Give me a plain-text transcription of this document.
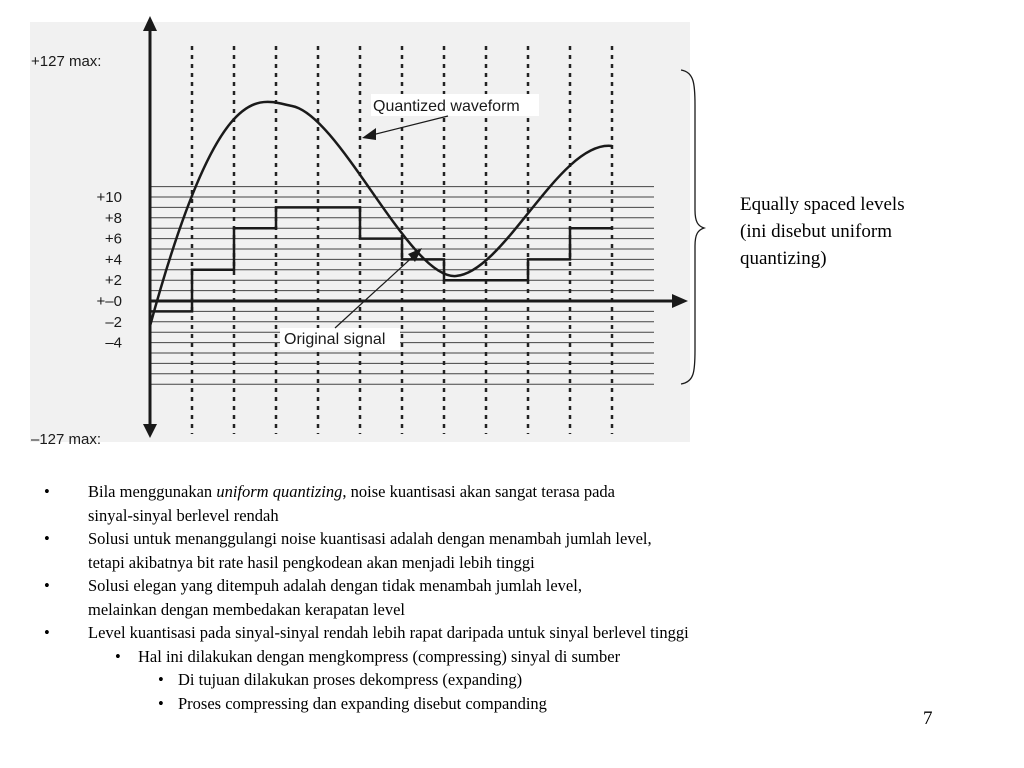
+127 max:
+10
+8
+6
+4
+2
+–0
–2
–4
–127 max:
Quantized waveform
Original signal
Equally spaced levels
(ini disebut uniform
quantizing)
• Bila menggunakan uniform quantizing, noise kuantisasi akan sangat terasa pada
sinyal-sinyal berlevel rendah
• Solusi untuk menanggulangi noise kuantisasi adalah dengan menambah jumlah level,
tetapi akibatnya bit rate hasil pengkodean akan menjadi lebih tinggi
• Solusi elegan yang ditempuh adalah dengan tidak menambah jumlah level,
melainkan dengan membedakan kerapatan level
• Level kuantisasi pada sinyal-sinyal rendah lebih rapat daripada untuk sinyal berlevel tinggi
• Hal ini dilakukan dengan mengkompress (compressing) sinyal di sumber
• Di tujuan dilakukan proses dekompress (expanding)
• Proses compressing dan expanding disebut companding
7
